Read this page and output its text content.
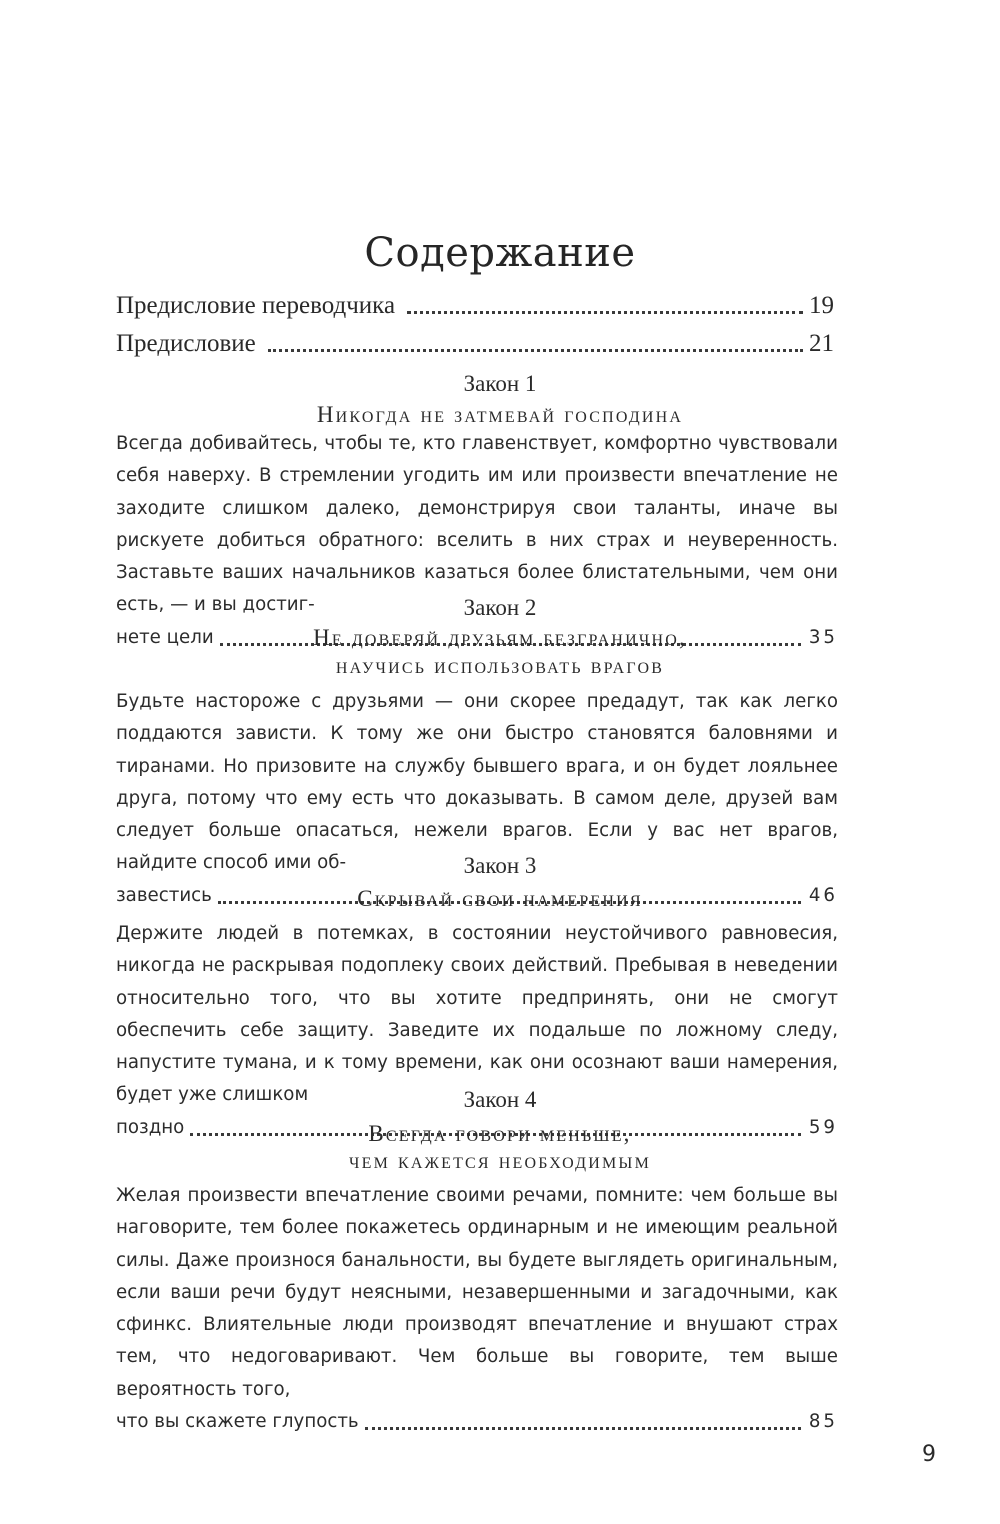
Содержание
Предисловие переводчика	19
Предисловие	21
Закон 1
Никогда не затмевай господина
Всегда добивайтесь, чтобы те, кто главенствует, комфортно чувствовали себя наверху. В стремлении угодить им или произвести впечатление не заходите слишком далеко, демонстрируя свои таланты, иначе вы рискуете добиться обратного: вселить в них страх и неуверенность. Заставьте ваших начальников казаться более блистательными, чем они есть, — и вы достиг-
нете цели	35
Закон 2
Не доверяй друзьям безгранично,
научись использовать врагов
Будьте настороже с друзьями — они скорее предадут, так как легко поддаются зависти. К тому же они быстро становятся баловнями и тиранами. Но призовите на службу бывшего врага, и он будет лояльнее друга, потому что ему есть что доказывать. В самом деле, друзей вам следует больше опасаться, нежели врагов. Если у вас нет врагов, найдите способ ими об-
завестись	46
Закон 3
Скрывай свои намерения
Держите людей в потемках, в состоянии неустойчивого равновесия, никогда не раскрывая подоплеку своих действий. Пребывая в неведении относительно того, что вы хотите предпринять, они не смогут обеспечить себе защиту. Заведите их подальше по ложному следу, напустите тумана, и к тому времени, как они осознают ваши намерения, будет уже слишком
поздно	59
Закон 4
Всегда говори меньше,
чем кажется необходимым
Желая произвести впечатление своими речами, помните: чем больше вы наговорите, тем более покажетесь ординарным и не имеющим реальной силы. Даже произнося банальности, вы будете выглядеть оригинальным, если ваши речи будут неясными, незавершенными и загадочными, как сфинкс. Влиятельные люди производят впечатление и внушают страх тем, что недоговаривают. Чем больше вы говорите, тем выше вероятность того,
что вы скажете глупость	85
9
